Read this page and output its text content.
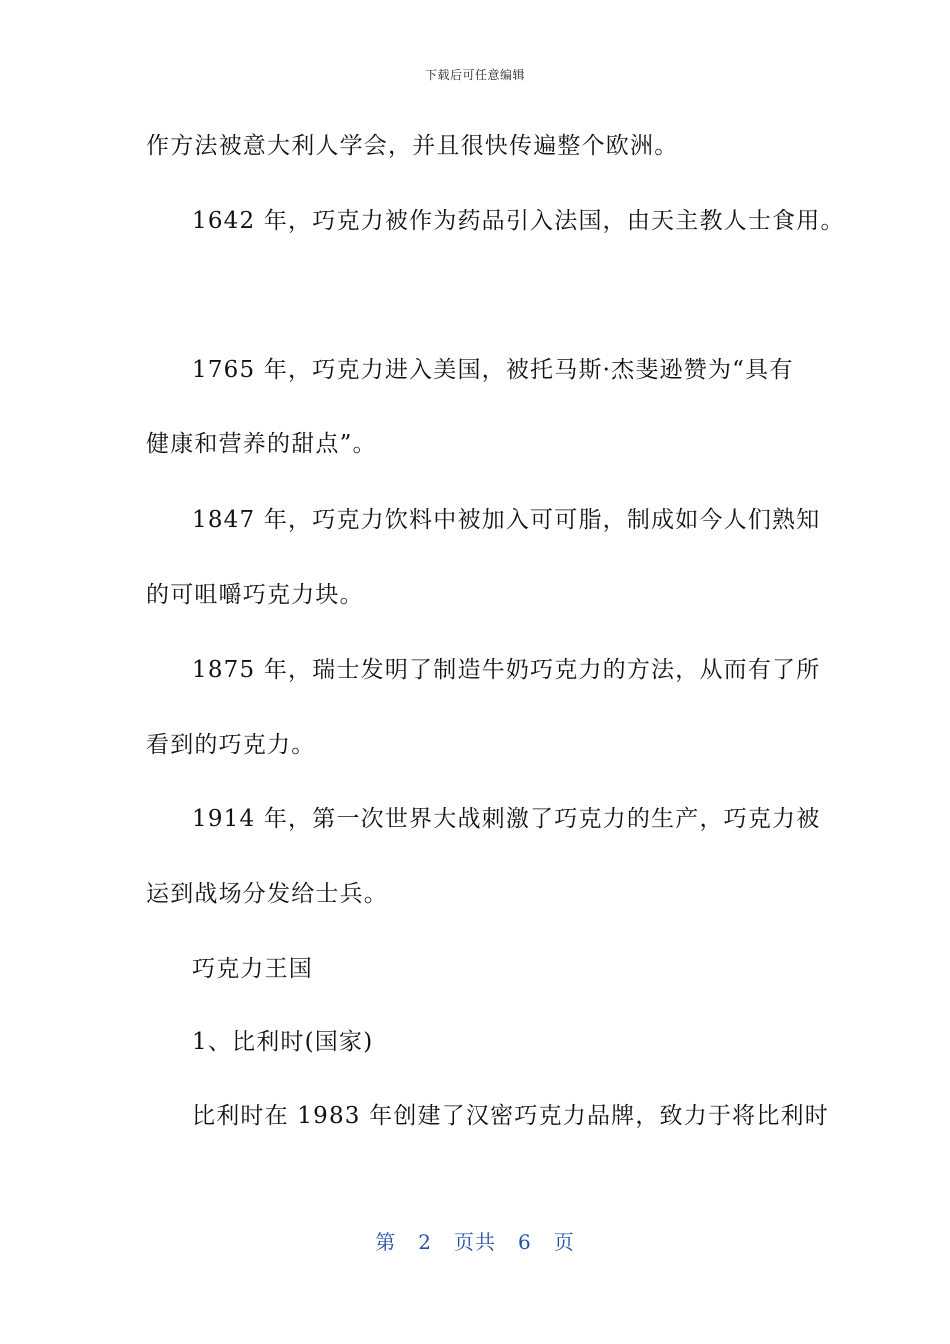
下载后可任意编辑
作方法被意大利人学会，并且很快传遍整个欧洲。
1642 年，巧克力被作为药品引入法国，由天主教人士食用。
1765 年，巧克力进入美国，被托马斯·杰斐逊赞为“具有
健康和营养的甜点”。
1847 年，巧克力饮料中被加入可可脂，制成如今人们熟知
的可咀嚼巧克力块。
1875 年，瑞士发明了制造牛奶巧克力的方法，从而有了所
看到的巧克力。
1914 年，第一次世界大战刺激了巧克力的生产，巧克力被
运到战场分发给士兵。
巧克力王国
1、比利时(国家)
比利时在 1983 年创建了汉密巧克力品牌，致力于将比利时
第 2 页共 6 页
